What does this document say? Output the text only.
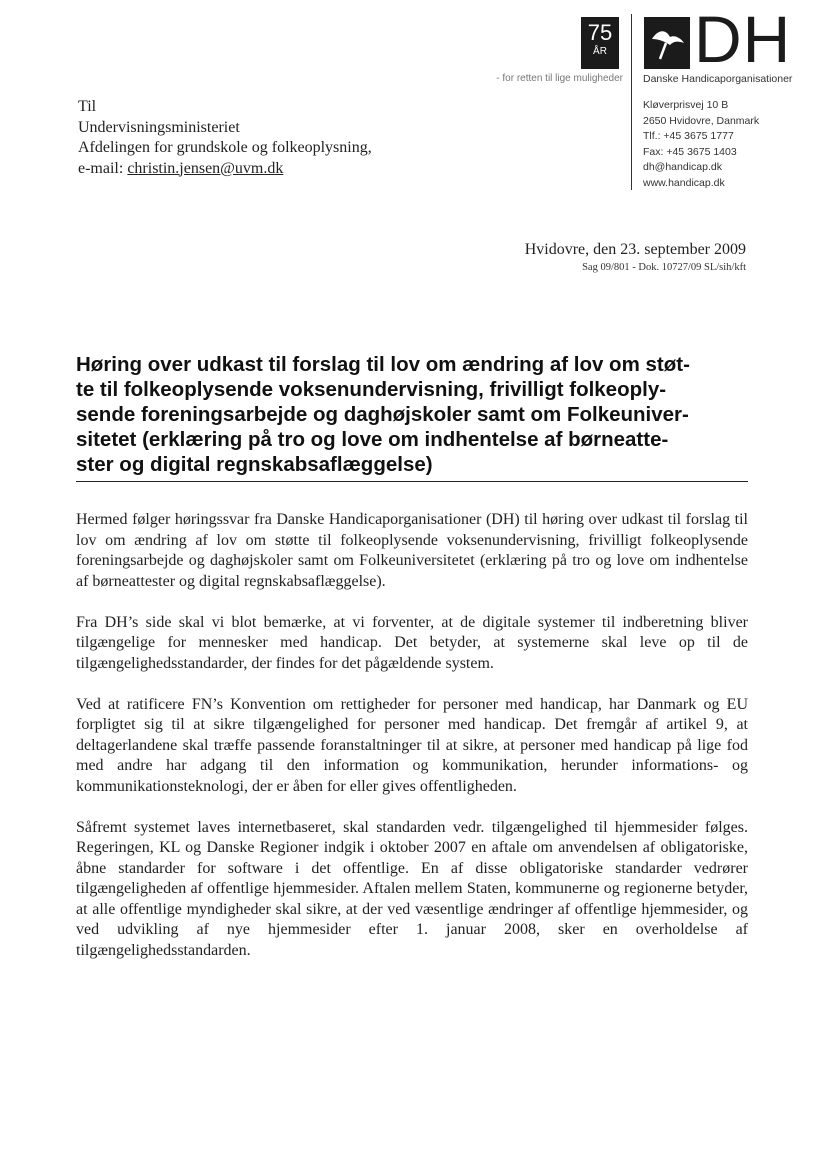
75
ÅR DH
- for retten til lige muligheder Danske Handicaporganisationer
Kløverprisvej 10 B
2650 Hvidovre, Danmark
Tlf.: +45 3675 1777
Fax: +45 3675 1403
dh@handicap.dk
www.handicap.dk
Til
Undervisningsministeriet
Afdelingen for grundskole og folkeoplysning,
e-mail: christin.jensen@uvm.dk
Hvidovre, den 23. september 2009
Sag 09/801 - Dok. 10727/09 SL/sih/kft
Høring over udkast til forslag til lov om ændring af lov om støt-
te til folkeoplysende voksenundervisning, frivilligt folkeoply-
sende foreningsarbejde og daghøjskoler samt om Folkeuniver-
sitetet (erklæring på tro og love om indhentelse af børneatte-
ster og digital regnskabsaflæggelse)

Hermed følger høringssvar fra Danske Handicaporganisationer (DH) til høring over udkast til forslag til lov om ændring af lov om støtte til folkeoplysende voksenundervisning, frivilligt folkeoplysende foreningsarbejde og daghøjskoler samt om Folkeuniversitetet (erklæring på tro og love om indhentelse af børneattester og digital regnskabsaflæggelse).

Fra DH’s side skal vi blot bemærke, at vi forventer, at de digitale systemer til indberetning bliver tilgængelige for mennesker med handicap. Det betyder, at systemerne skal leve op til de tilgængelighedsstandarder, der findes for det pågældende system.

Ved at ratificere FN’s Konvention om rettigheder for personer med handicap, har Danmark og EU forpligtet sig til at sikre tilgængelighed for personer med handicap. Det fremgår af artikel 9, at deltagerlandene skal træffe passende foranstaltninger til at sikre, at personer med handicap på lige fod med andre har adgang til den information og kommunikation, herunder informations- og kommunikationsteknologi, der er åben for eller gives offentligheden.

Såfremt systemet laves internetbaseret, skal standarden vedr. tilgængelighed til hjemmesider følges. Regeringen, KL og Danske Regioner indgik i oktober 2007 en aftale om anvendelsen af obligatoriske, åbne standarder for software i det offentlige. En af disse obligatoriske standarder vedrører tilgængeligheden af offentlige hjemmesider. Aftalen mellem Staten, kommunerne og regionerne betyder, at alle offentlige myndigheder skal sikre, at der ved væsentlige ændringer af offentlige hjemmesider, og ved udvikling af nye hjemmesider efter 1. januar 2008, sker en overholdelse af tilgængelighedsstandarden.
